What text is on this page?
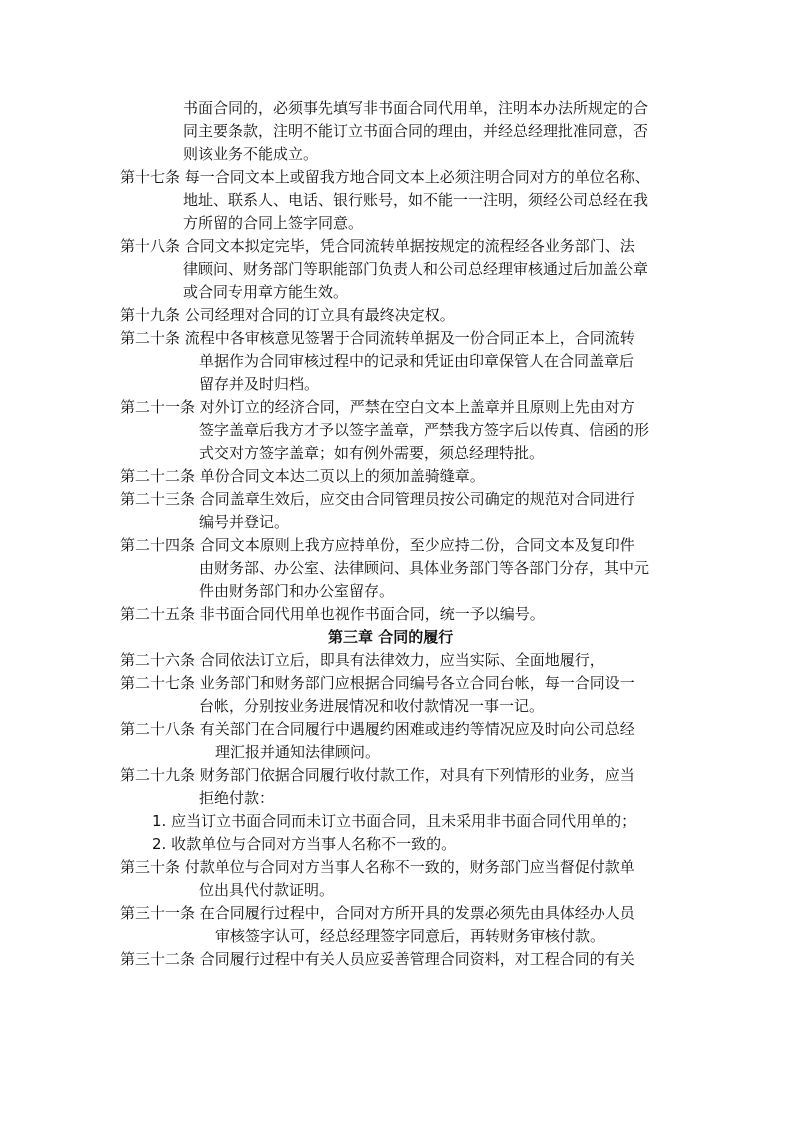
书面合同的，必须事先填写非书面合同代用单，注明本办法所规定的合
同主要条款，注明不能订立书面合同的理由，并经总经理批准同意，否
则该业务不能成立。
第十七条 每一合同文本上或留我方地合同文本上必须注明合同对方的单位名称、
地址、联系人、电话、银行账号，如不能一一注明，须经公司总经在我
方所留的合同上签字同意。
第十八条 合同文本拟定完毕，凭合同流转单据按规定的流程经各业务部门、法
律顾问、财务部门等职能部门负责人和公司总经理审核通过后加盖公章
或合同专用章方能生效。
第十九条 公司经理对合同的订立具有最终决定权。
第二十条 流程中各审核意见签署于合同流转单据及一份合同正本上，合同流转
单据作为合同审核过程中的记录和凭证由印章保管人在合同盖章后
留存并及时归档。
第二十一条 对外订立的经济合同，严禁在空白文本上盖章并且原则上先由对方
签字盖章后我方才予以签字盖章，严禁我方签字后以传真、信函的形
式交对方签字盖章；如有例外需要，须总经理特批。
第二十二条 单份合同文本达二页以上的须加盖骑缝章。
第二十三条 合同盖章生效后，应交由合同管理员按公司确定的规范对合同进行
编号并登记。
第二十四条 合同文本原则上我方应持单份，至少应持二份，合同文本及复印件
由财务部、办公室、法律顾问、具体业务部门等各部门分存，其中元
件由财务部门和办公室留存。
第二十五条 非书面合同代用单也视作书面合同，统一予以编号。
第三章 合同的履行
第二十六条 合同依法订立后，即具有法律效力，应当实际、全面地履行，
第二十七条 业务部门和财务部门应根据合同编号各立合同台帐，每一合同设一
台帐，分别按业务进展情况和收付款情况一事一记。
第二十八条 有关部门在合同履行中遇履约困难或违约等情况应及时向公司总经
理汇报并通知法律顾问。
第二十九条 财务部门依据合同履行收付款工作，对具有下列情形的业务，应当
拒绝付款：
1. 应当订立书面合同而未订立书面合同，且未采用非书面合同代用单的；
2. 收款单位与合同对方当事人名称不一致的。
第三十条 付款单位与合同对方当事人名称不一致的，财务部门应当督促付款单
位出具代付款证明。
第三十一条 在合同履行过程中，合同对方所开具的发票必须先由具体经办人员
审核签字认可，经总经理签字同意后，再转财务审核付款。
第三十二条 合同履行过程中有关人员应妥善管理合同资料，对工程合同的有关
